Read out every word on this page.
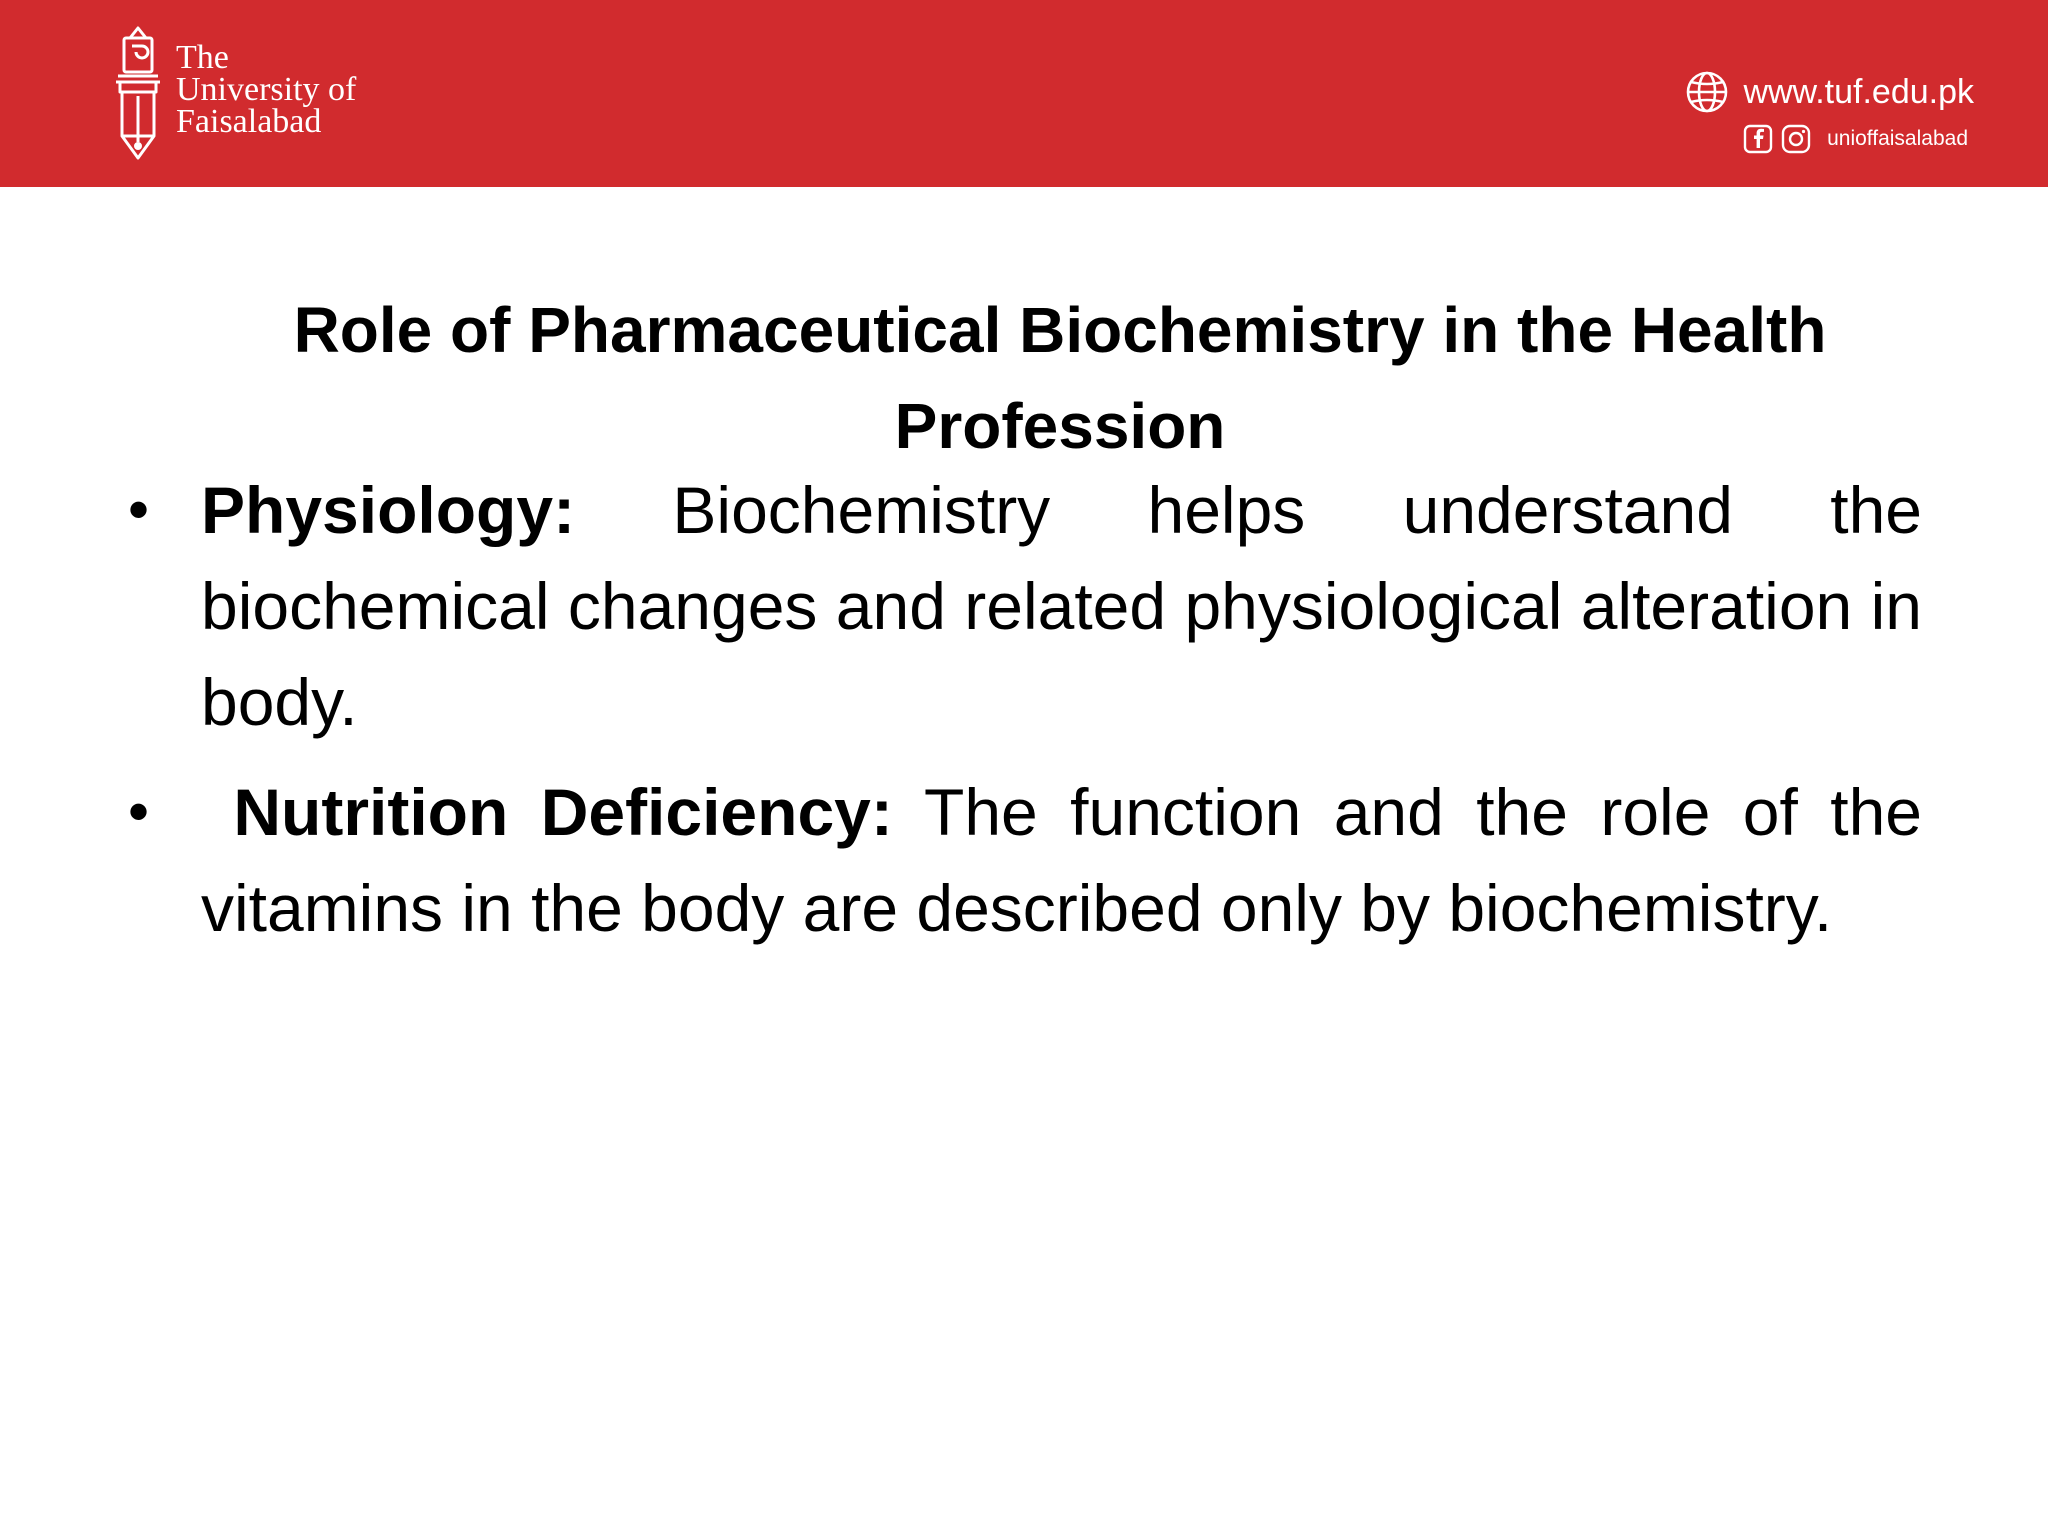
The
University of
Faisalabad
www.tuf.edu.pk
unioffaisalabad
Role of Pharmaceutical Biochemistry in the Health Profession
• Physiology: Biochemistry helps understand the biochemical changes and related physiological alteration in body.
• Nutrition Deficiency: The function and the role of the vitamins in the body are described only by biochemistry.
